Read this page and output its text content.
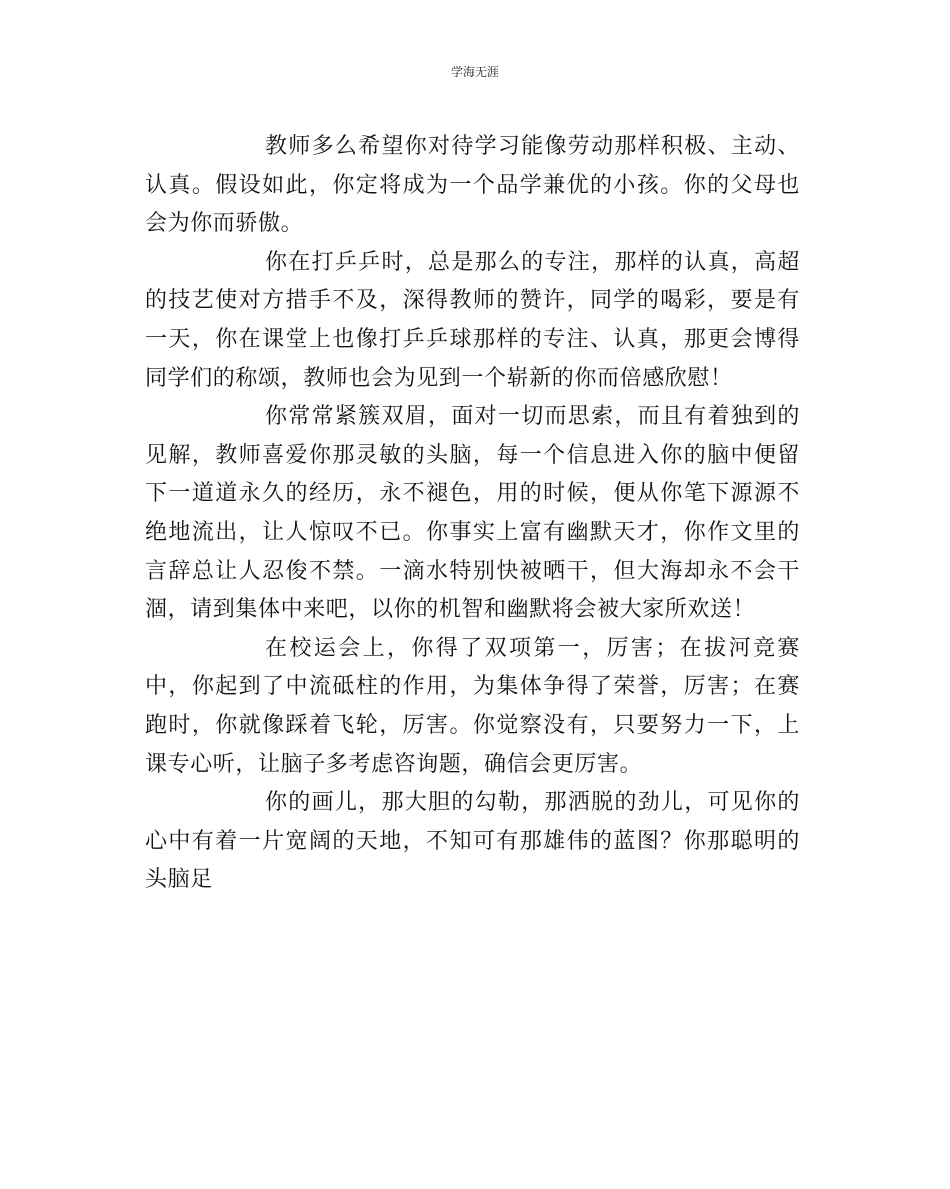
学海无涯

教师多么希望你对待学习能像劳动那样积极、主动、认真。假设如此，你定将成为一个品学兼优的小孩。你的父母也会为你而骄傲。

你在打乒乒时，总是那么的专注，那样的认真，高超的技艺使对方措手不及，深得教师的赞许，同学的喝彩，要是有一天，你在课堂上也像打乒乒球那样的专注、认真，那更会博得同学们的称颂，教师也会为见到一个崭新的你而倍感欣慰！

你常常紧簇双眉，面对一切而思索，而且有着独到的见解，教师喜爱你那灵敏的头脑，每一个信息进入你的脑中便留下一道道永久的经历，永不褪色，用的时候，便从你笔下源源不绝地流出，让人惊叹不已。你事实上富有幽默天才，你作文里的言辞总让人忍俊不禁。一滴水特别快被晒干，但大海却永不会干涸，请到集体中来吧，以你的机智和幽默将会被大家所欢送！

在校运会上，你得了双项第一，厉害；在拔河竞赛中，你起到了中流砥柱的作用，为集体争得了荣誉，厉害；在赛跑时，你就像踩着飞轮，厉害。你觉察没有，只要努力一下，上课专心听，让脑子多考虑咨询题，确信会更厉害。

你的画儿，那大胆的勾勒，那洒脱的劲儿，可见你的心中有着一片宽阔的天地，不知可有那雄伟的蓝图？你那聪明的头脑足
